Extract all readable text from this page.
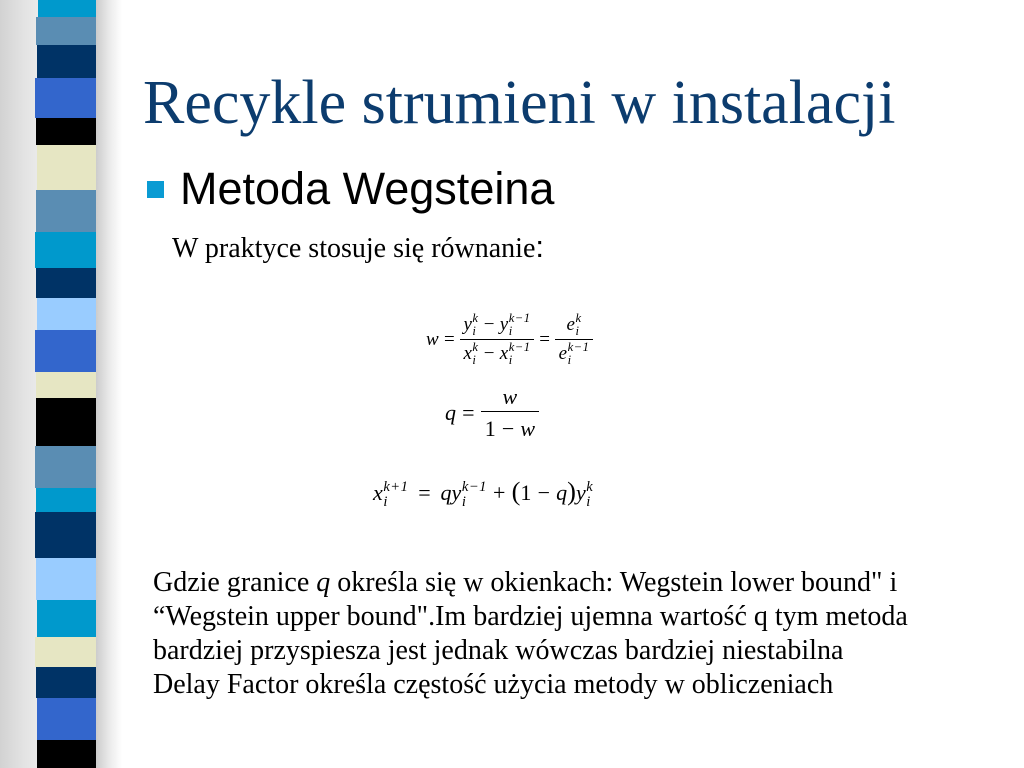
Recykle strumieni w instalacji
Metoda Wegsteina
W praktyce stosuje się równanie:
w = y k
i − y k−1
i
x k
i − x k−1
i = e k
i
e k−1
i
$q = \frac{w}{1 - w}$
x k+1
i	= q y k−1
i + ( 1 − q ) y k
i
Gdzie granice q określa się w okienkach: Wegstein lower bound" i
“Wegstein upper bound".Im bardziej ujemna wartość q tym metoda
bardziej przyspiesza jest jednak wówczas bardziej niestabilna
Delay Factor określa częstość użycia metody w obliczeniach
